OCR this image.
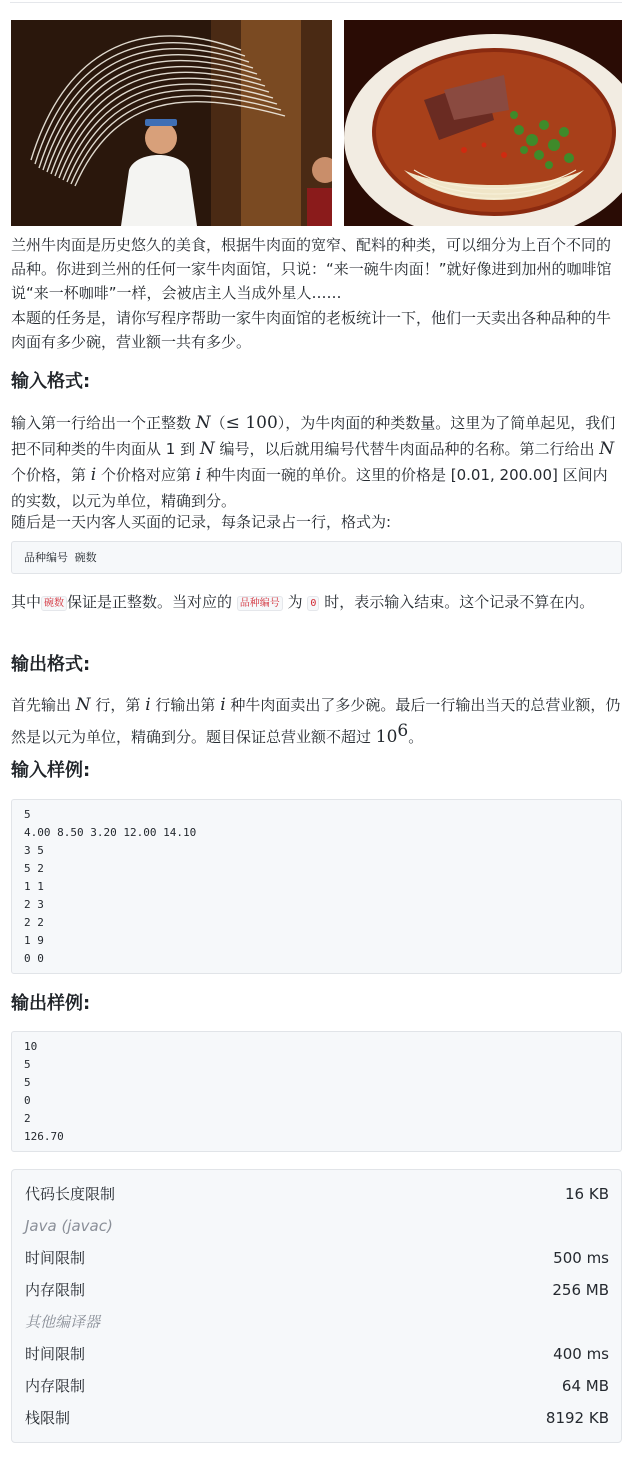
兰州牛肉面是历史悠久的美食，根据牛肉面的宽窄、配料的种类，可以细分为上百个不同的品种。你进到兰州的任何一家牛肉面馆，只说：“来一碗牛肉面！”就好像进到加州的咖啡馆说“来一杯咖啡”一样，会被店主人当成外星人……

本题的任务是，请你写程序帮助一家牛肉面馆的老板统计一下，他们一天卖出各种品种的牛肉面有多少碗，营业额一共有多少。

输入格式:

输入第一行给出一个正整数 N（≤ 100），为牛肉面的种类数量。这里为了简单起见，我们把不同种类的牛肉面从 1 到 N 编号，以后就用编号代替牛肉面品种的名称。第二行给出 N 个价格，第 i 个价格对应第 i 种牛肉面一碗的单价。这里的价格是 [0.01, 200.00] 区间内的实数，以元为单位，精确到分。

随后是一天内客人买面的记录，每条记录占一行，格式为:

品种编号 碗数

其中 碗数 保证是正整数。当对应的 品种编号 为 0 时，表示输入结束。这个记录不算在内。

输出格式:

首先输出 N 行，第 i 行输出第 i 种牛肉面卖出了多少碗。最后一行输出当天的总营业额，仍然是以元为单位，精确到分。题目保证总营业额不超过 $10^6$。

输入样例:
5
4.00 8.50 3.20 12.00 14.10
3 5
5 2
1 1
2 3
2 2
1 9
0 0
输出样例:
10
5
5
0
2
126.70
代码长度限制	16 KB
Java (javac)
时间限制	500 ms
内存限制	256 MB
其他编译器
时间限制	400 ms
内存限制	64 MB
栈限制	8192 KB
